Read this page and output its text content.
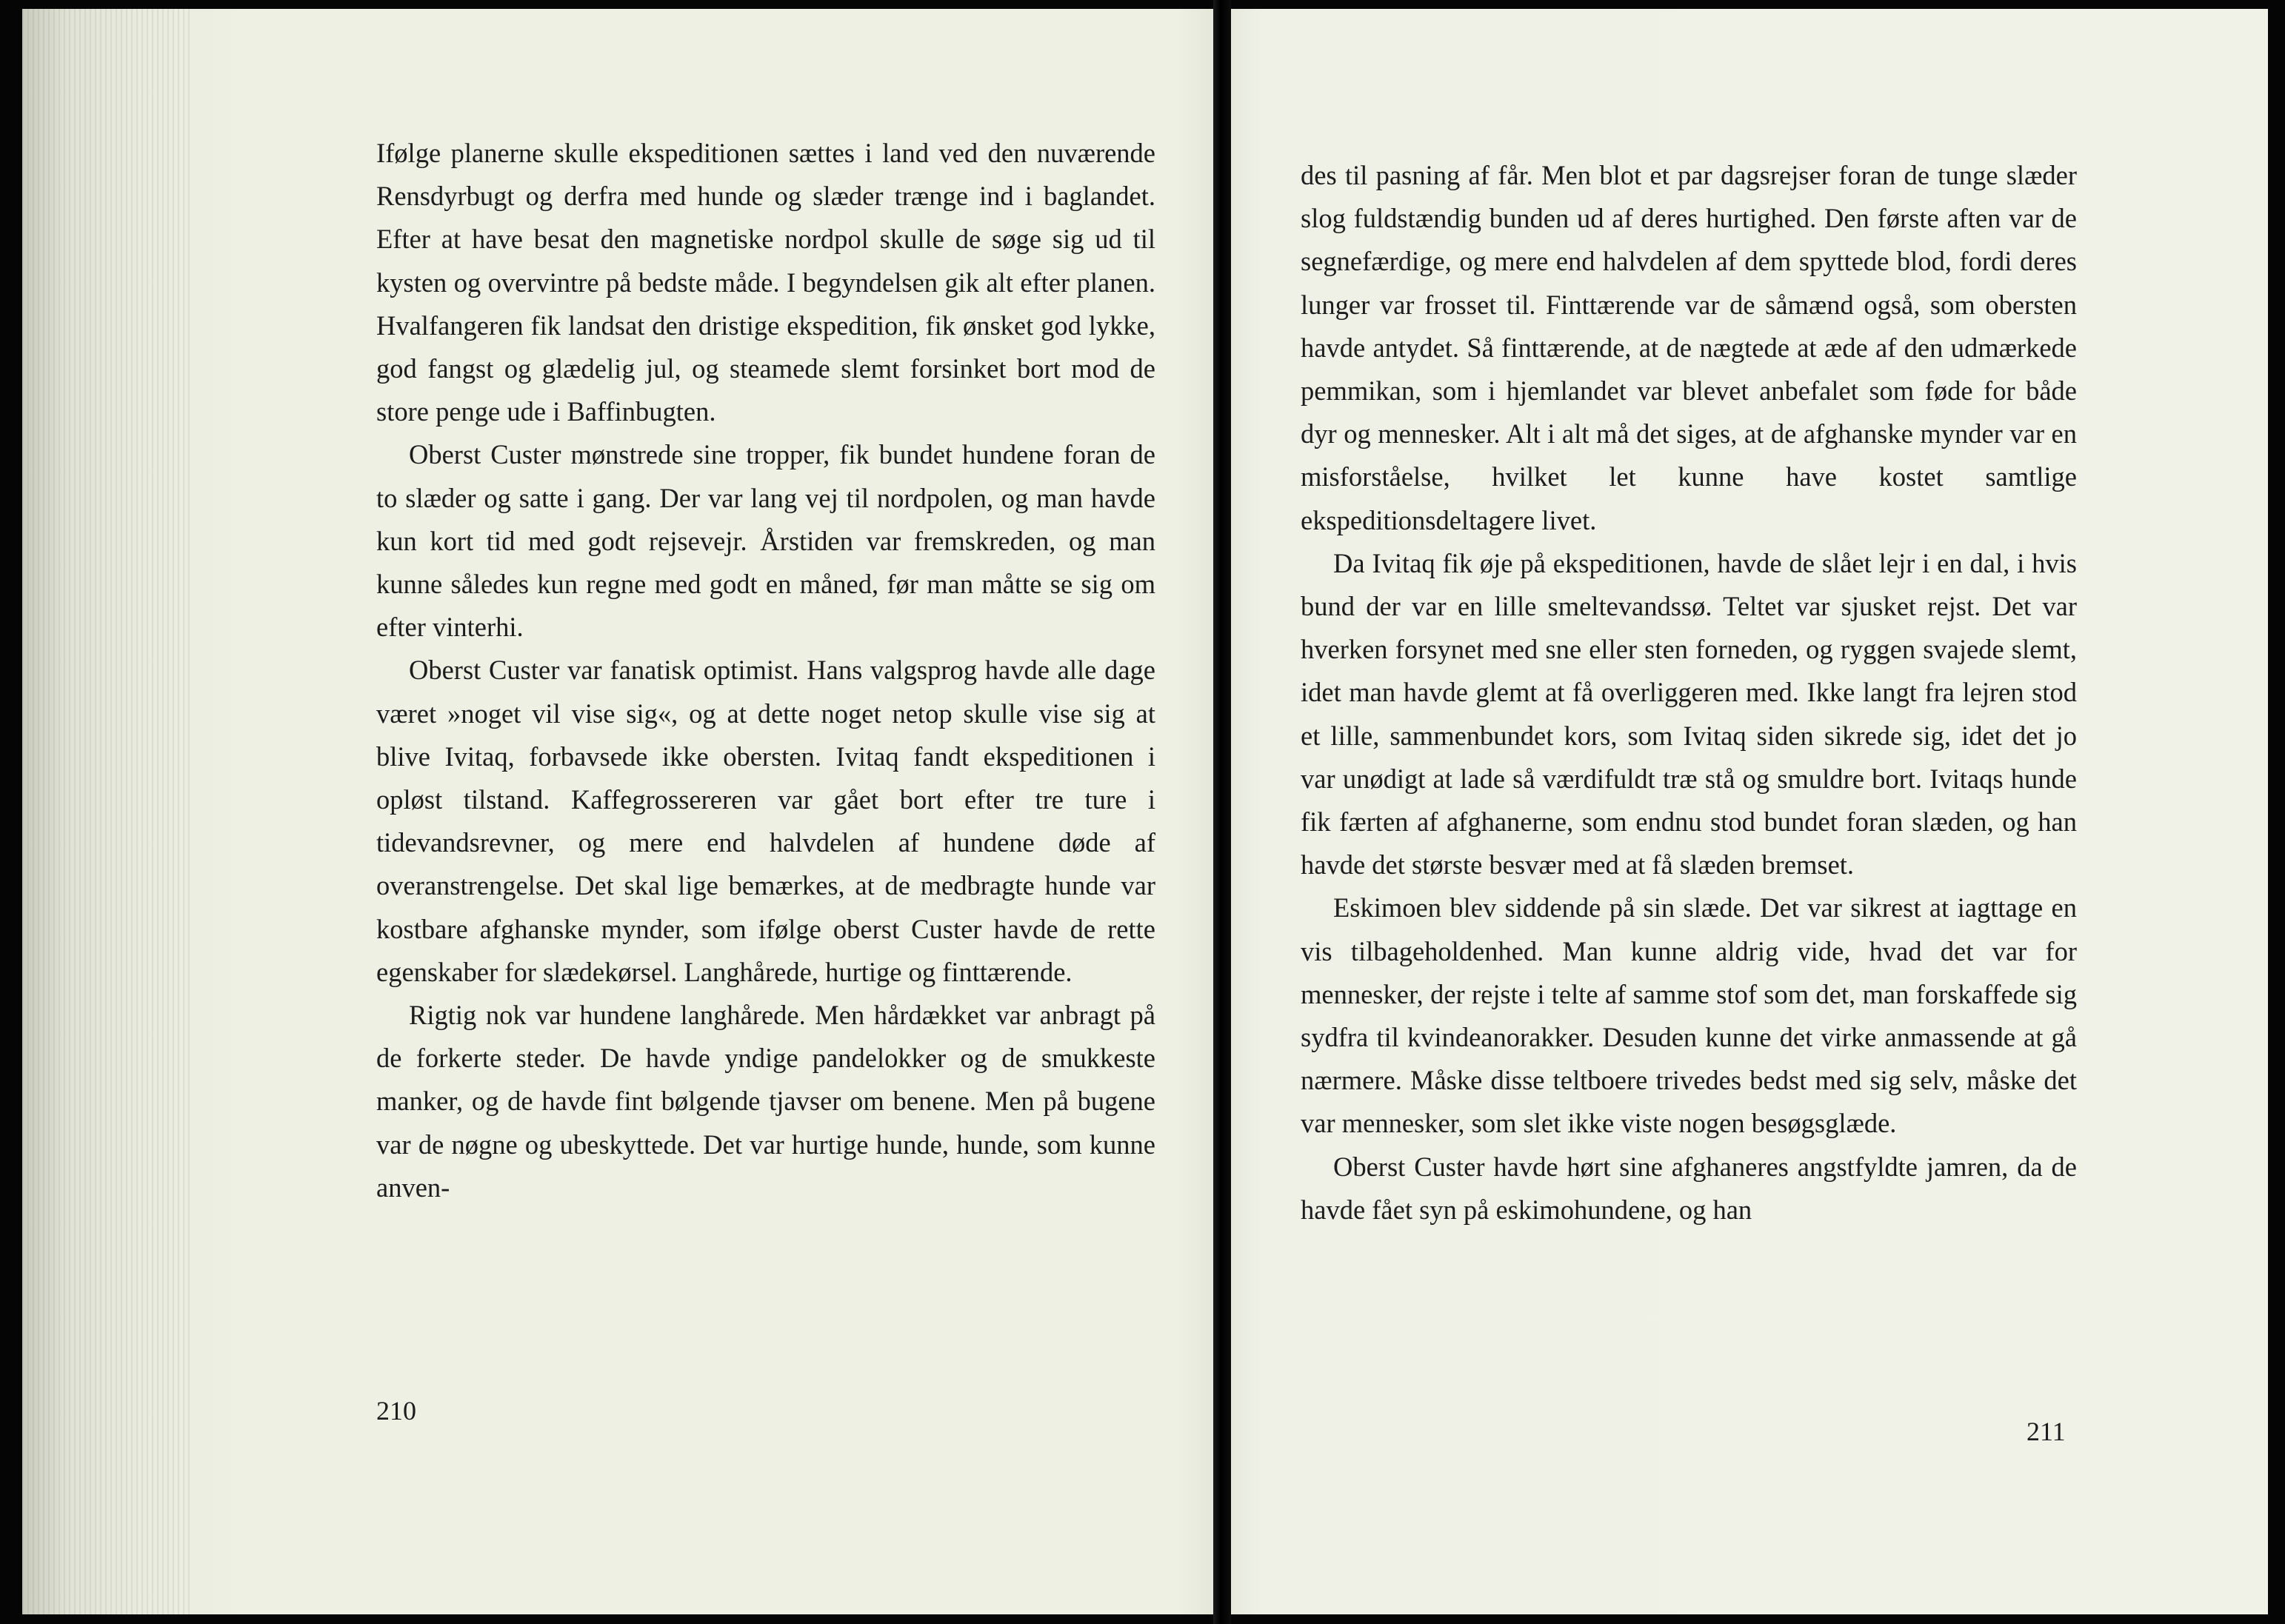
Ifølge planerne skulle ekspeditionen sættes i land ved den nuværende Rensdyrbugt og derfra med hunde og slæder trænge ind i baglandet. Efter at have besat den magnetiske nordpol skulle de søge sig ud til kysten og overvintre på bedste måde. I begyndelsen gik alt efter planen. Hvalfangeren fik landsat den dristige ekspedition, fik ønsket god lykke, god fangst og glædelig jul, og steamede slemt forsinket bort mod de store penge ude i Baffinbugten.

Oberst Custer mønstrede sine tropper, fik bundet hundene foran de to slæder og satte i gang. Der var lang vej til nordpolen, og man havde kun kort tid med godt rejsevejr. Årstiden var fremskreden, og man kunne således kun regne med godt en måned, før man måtte se sig om efter vinterhi.

Oberst Custer var fanatisk optimist. Hans valgsprog havde alle dage været »noget vil vise sig«, og at dette noget netop skulle vise sig at blive Ivitaq, forbavsede ikke obersten. Ivitaq fandt ekspeditionen i opløst tilstand. Kaffegrossereren var gået bort efter tre ture i tidevandsrevner, og mere end halvdelen af hundene døde af overanstrengelse. Det skal lige bemærkes, at de medbragte hunde var kostbare afghanske mynder, som ifølge oberst Custer havde de rette egenskaber for slædekørsel. Langhårede, hurtige og finttærende.

Rigtig nok var hundene langhårede. Men hårdækket var anbragt på de forkerte steder. De havde yndige pandelokker og de smukkeste manker, og de havde fint bølgende tjavser om benene. Men på bugene var de nøgne og ubeskyttede. Det var hurtige hunde, hunde, som kunne anven-

210

des til pasning af får. Men blot et par dagsrejser foran de tunge slæder slog fuldstændig bunden ud af deres hurtighed. Den første aften var de segnefærdige, og mere end halvdelen af dem spyttede blod, fordi deres lunger var frosset til. Finttærende var de såmænd også, som obersten havde antydet. Så finttærende, at de nægtede at æde af den udmærkede pemmikan, som i hjemlandet var blevet anbefalet som føde for både dyr og mennesker. Alt i alt må det siges, at de afghanske mynder var en misforståelse, hvilket let kunne have kostet samtlige ekspeditionsdeltagere livet.

Da Ivitaq fik øje på ekspeditionen, havde de slået lejr i en dal, i hvis bund der var en lille smeltevandssø. Teltet var sjusket rejst. Det var hverken forsynet med sne eller sten forneden, og ryggen svajede slemt, idet man havde glemt at få overliggeren med. Ikke langt fra lejren stod et lille, sammenbundet kors, som Ivitaq siden sikrede sig, idet det jo var unødigt at lade så værdifuldt træ stå og smuldre bort. Ivitaqs hunde fik færten af afghanerne, som endnu stod bundet foran slæden, og han havde det største besvær med at få slæden bremset.

Eskimoen blev siddende på sin slæde. Det var sikrest at iagttage en vis tilbageholdenhed. Man kunne aldrig vide, hvad det var for mennesker, der rejste i telte af samme stof som det, man forskaffede sig sydfra til kvindeanorakker. Desuden kunne det virke anmassende at gå nærmere. Måske disse teltboere trivedes bedst med sig selv, måske det var mennesker, som slet ikke viste nogen besøgsglæde.

Oberst Custer havde hørt sine afghaneres angstfyldte jamren, da de havde fået syn på eskimohundene, og han

211
